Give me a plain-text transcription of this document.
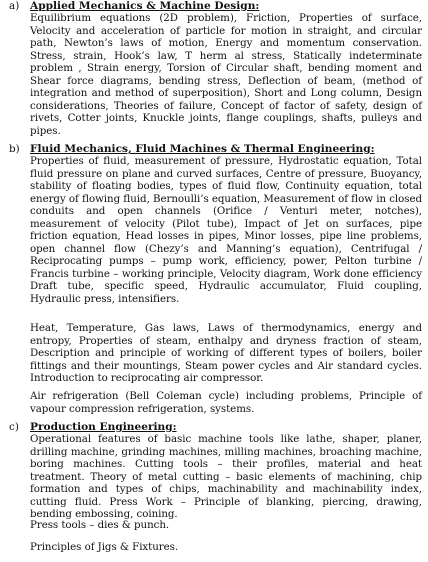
a) Applied Mechanics & Machine Design:

Equilibrium equations (2D problem), Friction, Properties of surface, Velocity and acceleration of particle for motion in straight, and circular path, Newton’s laws of motion, Energy and momentum conservation. Stress, strain, Hook’s law, T herm al stress, Statically indeterminate problem , Strain energy, Torsion of Circular shaft, bending moment and Shear force diagrams, bending stress, Deflection of beam, (method of integration and method of superposition), Short and Long column, Design considerations, Theories of failure, Concept of factor of safety, design of rivets, Cotter joints, Knuckle joints, flange couplings, shafts, pulleys and pipes.

b) Fluid Mechanics, Fluid Machines & Thermal Engineering:

Properties of fluid, measurement of pressure, Hydrostatic equation, Total fluid pressure on plane and curved surfaces, Centre of pressure, Buoyancy, stability of floating bodies, types of fluid flow, Continuity equation, total energy of flowing fluid, Bernoulli’s equation, Measurement of flow in closed conduits and open channels (Orifice / Venturi meter, notches), measurement of velocity (Pilot tube), Impact of Jet on surfaces, pipe friction equation, Head losses in pipes, Minor losses, pipe line problems, open channel flow (Chezy’s and Manning’s equation), Centrifugal / Reciprocating pumps – pump work, efficiency, power, Pelton turbine / Francis turbine – working principle, Velocity diagram, Work done efficiency Draft tube, specific speed, Hydraulic accumulator, Fluid coupling, Hydraulic press, intensifiers.

Heat, Temperature, Gas laws, Laws of thermodynamics, energy and entropy, Properties of steam, enthalpy and dryness fraction of steam, Description and principle of working of different types of boilers, boiler fittings and their mountings, Steam power cycles and Air standard cycles. Introduction to reciprocating air compressor.

Air refrigeration (Bell Coleman cycle) including problems, Principle of vapour compression refrigeration, systems.

c) Production Engineering:

Operational features of basic machine tools like lathe, shaper, planer, drilling machine, grinding machines, milling machines, broaching machine, boring machines. Cutting tools – their profiles, material and heat treatment. Theory of metal cutting – basic elements of machining, chip formation and types of chips, machinability and machinability index, cutting fluid. Press Work – Principle of blanking, piercing, drawing, bending embossing, coining.

Press tools – dies & punch.

Principles of Jigs & Fixtures.
